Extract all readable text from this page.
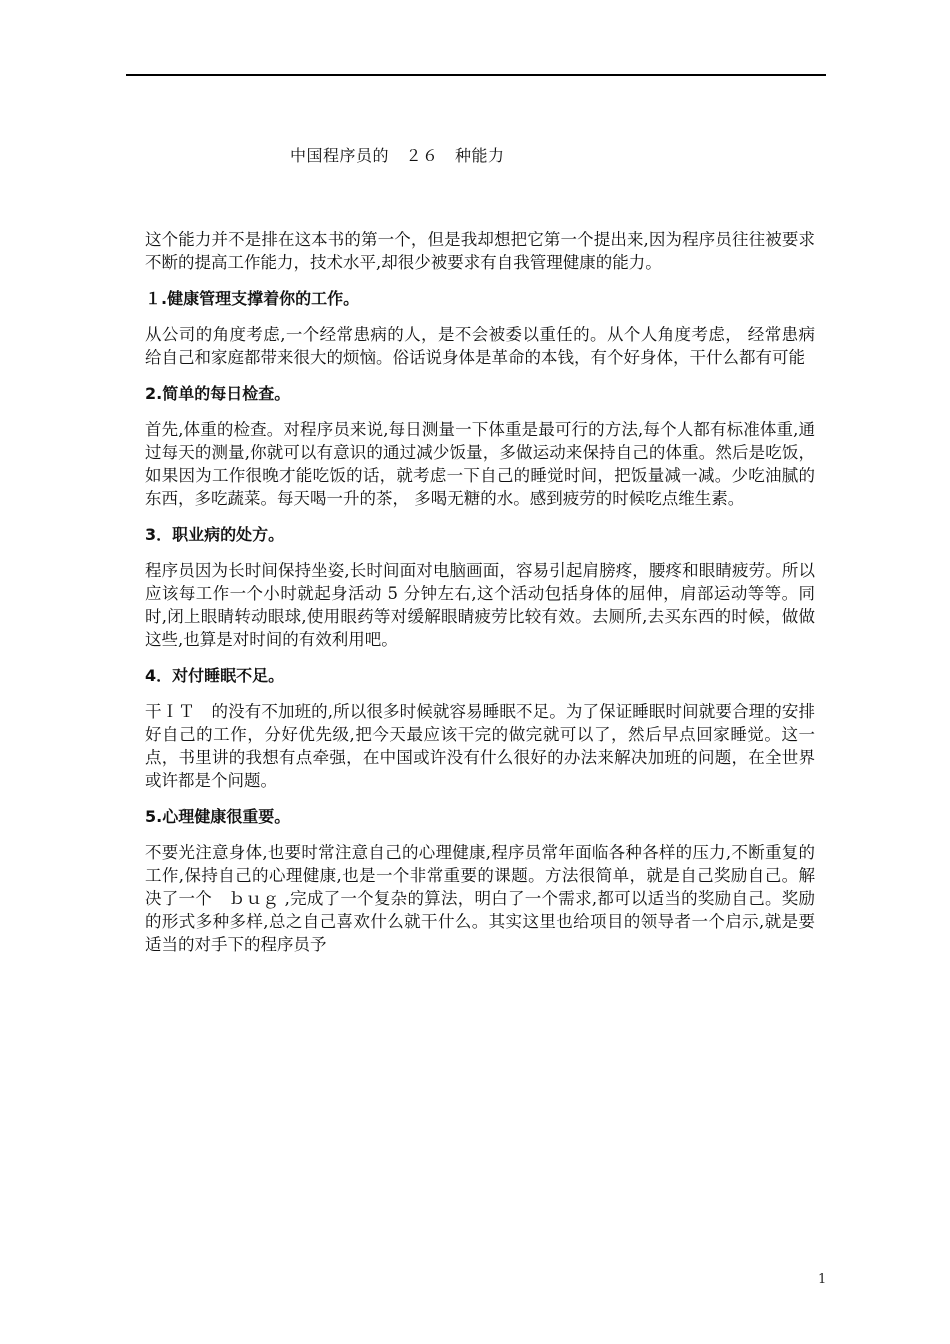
中国程序员的　２６　种能力

这个能力并不是排在这本书的第一个，但是我却想把它第一个提出来,因为程序员往往被要求不断的提高工作能力，技术水平,却很少被要求有自我管理健康的能力。

１.健康管理支撑着你的工作。

从公司的角度考虑,一个经常患病的人，是不会被委以重任的。从个人角度考虑， 经常患病给自己和家庭都带来很大的烦恼。俗话说身体是革命的本钱，有个好身体，干什么都有可能

2.简单的每日检查。

首先,体重的检查。对程序员来说,每日测量一下体重是最可行的方法,每个人都有标准体重,通过每天的测量,你就可以有意识的通过减少饭量，多做运动来保持自己的体重。然后是吃饭，如果因为工作很晚才能吃饭的话，就考虑一下自己的睡觉时间，把饭量减一减。少吃油腻的东西，多吃蔬菜。每天喝一升的茶， 多喝无糖的水。感到疲劳的时候吃点维生素。

3．职业病的处方。

程序员因为长时间保持坐姿,长时间面对电脑画面，容易引起肩膀疼，腰疼和眼睛疲劳。所以应该每工作一个小时就起身活动 5 分钟左右,这个活动包括身体的屈伸，肩部运动等等。同时,闭上眼睛转动眼球,使用眼药等对缓解眼睛疲劳比较有效。去厕所,去买东西的时候，做做这些,也算是对时间的有效利用吧。

4．对付睡眠不足。

干ＩＴ　的没有不加班的,所以很多时候就容易睡眠不足。为了保证睡眠时间就要合理的安排好自己的工作，分好优先级,把今天最应该干完的做完就可以了，然后早点回家睡觉。这一点，书里讲的我想有点牵强，在中国或许没有什么很好的办法来解决加班的问题，在全世界或许都是个问题。

5.心理健康很重要。

不要光注意身体,也要时常注意自己的心理健康,程序员常年面临各种各样的压力,不断重复的工作,保持自己的心理健康,也是一个非常重要的课题。方法很简单，就是自己奖励自己。解决了一个　ｂｕｇ ,完成了一个复杂的算法，明白了一个需求,都可以适当的奖励自己。奖励的形式多种多样,总之自己喜欢什么就干什么。其实这里也给项目的领导者一个启示,就是要适当的对手下的程序员予

1
